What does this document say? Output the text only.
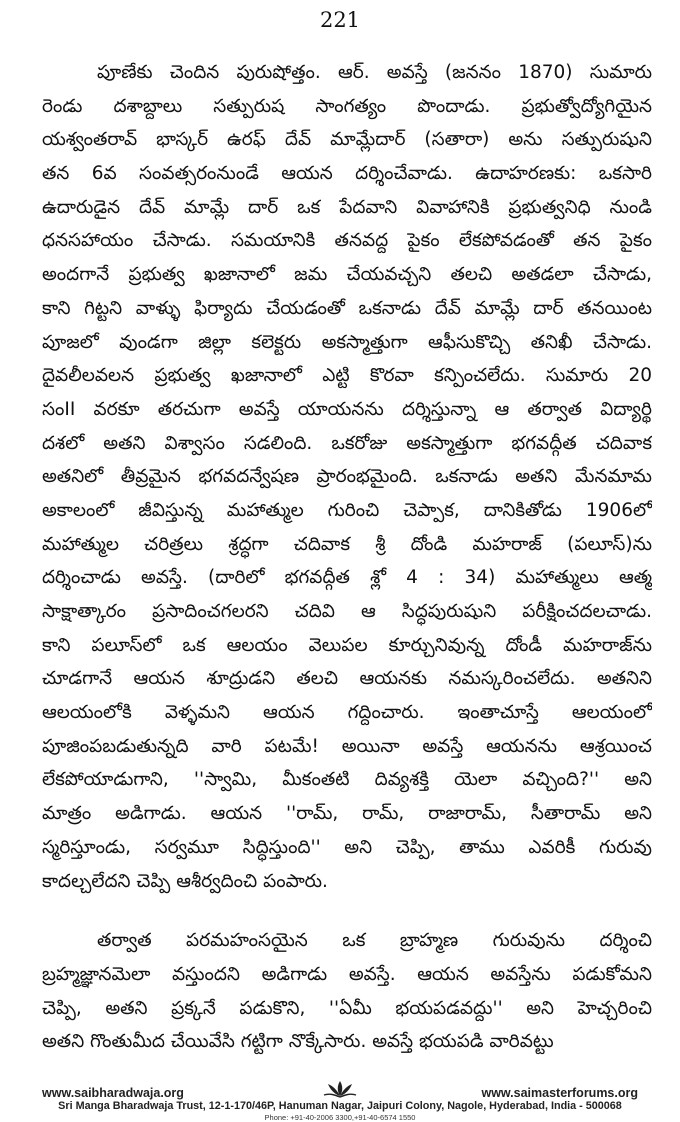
221
పూణేకు చెందిన పురుషోత్తం. ఆర్. అవస్తే (జననం 1870) సుమారు
రెండు దశాబ్దాలు సత్పురుష సాంగత్యం పొందాడు. ప్రభుత్వోద్యోగియైన
యశ్వంతరావ్ భాస్కర్ ఉరఫ్ దేవ్ మామ్లేదార్ (సతారా) అను సత్పురుషుని
తన 6వ సంవత్సరంనుండే ఆయన దర్శించేవాడు. ఉదాహరణకు: ఒకసారి
ఉదారుడైన దేవ్ మామ్లే దార్ ఒక పేదవాని వివాహానికి ప్రభుత్వనిధి నుండి
ధనసహాయం చేసాడు. సమయానికి తనవద్ద పైకం లేకపోవడంతో తన పైకం
అందగానే ప్రభుత్వ ఖజానాలో జమ చేయవచ్చని తలచి అతడలా చేసాడు,
కాని గిట్టని వాళ్ళు ఫిర్యాదు చేయడంతో ఒకనాడు దేవ్ మామ్లే దార్ తనయింట
పూజలో వుండగా జిల్లా కలెక్టరు అకస్మాత్తుగా ఆఫీసుకొచ్చి తనిఖీ చేసాడు.
దైవలీలవలన ప్రభుత్వ ఖజానాలో ఎట్టి కొరవా కన్పించలేదు. సుమారు 20
సంII వరకూ తరచుగా అవస్తే యాయనను దర్శిస్తున్నా ఆ తర్వాత విద్యార్థి
దశలో అతని విశ్వాసం సడలింది. ఒకరోజు అకస్మాత్తుగా భగవద్గీత చదివాక
అతనిలో తీవ్రమైన భగవదన్వేషణ ప్రారంభమైంది. ఒకనాడు అతని మేనమామ
అకాలంలో జీవిస్తున్న మహాత్ముల గురించి చెప్పాక, దానికితోడు 1906లో
మహాత్ముల చరిత్రలు శ్రద్ధగా చదివాక శ్రీ దోండి మహరాజ్ (పలూస్)ను
దర్శించాడు అవస్తే. (దారిలో భగవద్గీత శ్లో 4 : 34) మహాత్ములు ఆత్మ
సాక్షాత్కారం ప్రసాదించగలరని చదివి ఆ సిద్ధపురుషుని పరీక్షించదలచాడు.
కాని పలూస్‌లో ఒక ఆలయం వెలుపల కూర్చునివున్న దోండీ మహరాజ్‌ను
చూడగానే ఆయన శూద్రుడని తలచి ఆయనకు నమస్కరించలేదు. అతనిని
ఆలయంలోకి వెళ్ళమని ఆయన గద్దించారు. ఇంతాచూస్తే ఆలయంలో
పూజింపబడుతున్నది వారి పటమే! అయినా అవస్తే ఆయనను ఆశ్రయించ
లేకపోయాడుగాని, ''స్వామి, మీకంతటి దివ్యశక్తి యెలా వచ్చింది?'' అని
మాత్రం అడిగాడు. ఆయన ''రామ్, రామ్, రాజారామ్, సీతారామ్ అని
స్మరిస్తూండు, సర్వమూ సిద్ధిస్తుంది'' అని చెప్పి, తాము ఎవరికీ గురువు
కాదల్చలేదని చెప్పి ఆశీర్వదించి పంపారు.
తర్వాత పరమహంసయైన ఒక బ్రాహ్మణ గురువును దర్శించి
బ్రహ్మజ్ఞానమెలా వస్తుందని అడిగాడు అవస్తే. ఆయన అవస్తేను పడుకోమని
చెప్పి, అతని ప్రక్కనే పడుకొని, ''ఏమీ భయపడవద్దు'' అని హెచ్చరించి
అతని గొంతుమీద చేయివేసి గట్టిగా నొక్కేసారు. అవస్తే భయపడి వారివట్టు
www.saibharadwaja.org	www.saimasterforums.org
Sri Manga Bharadwaja Trust, 12-1-170/46P, Hanuman Nagar, Jaipuri Colony, Nagole, Hyderabad, India - 500068
Phone: +91-40-2006 3300,+91-40-6574 1550
